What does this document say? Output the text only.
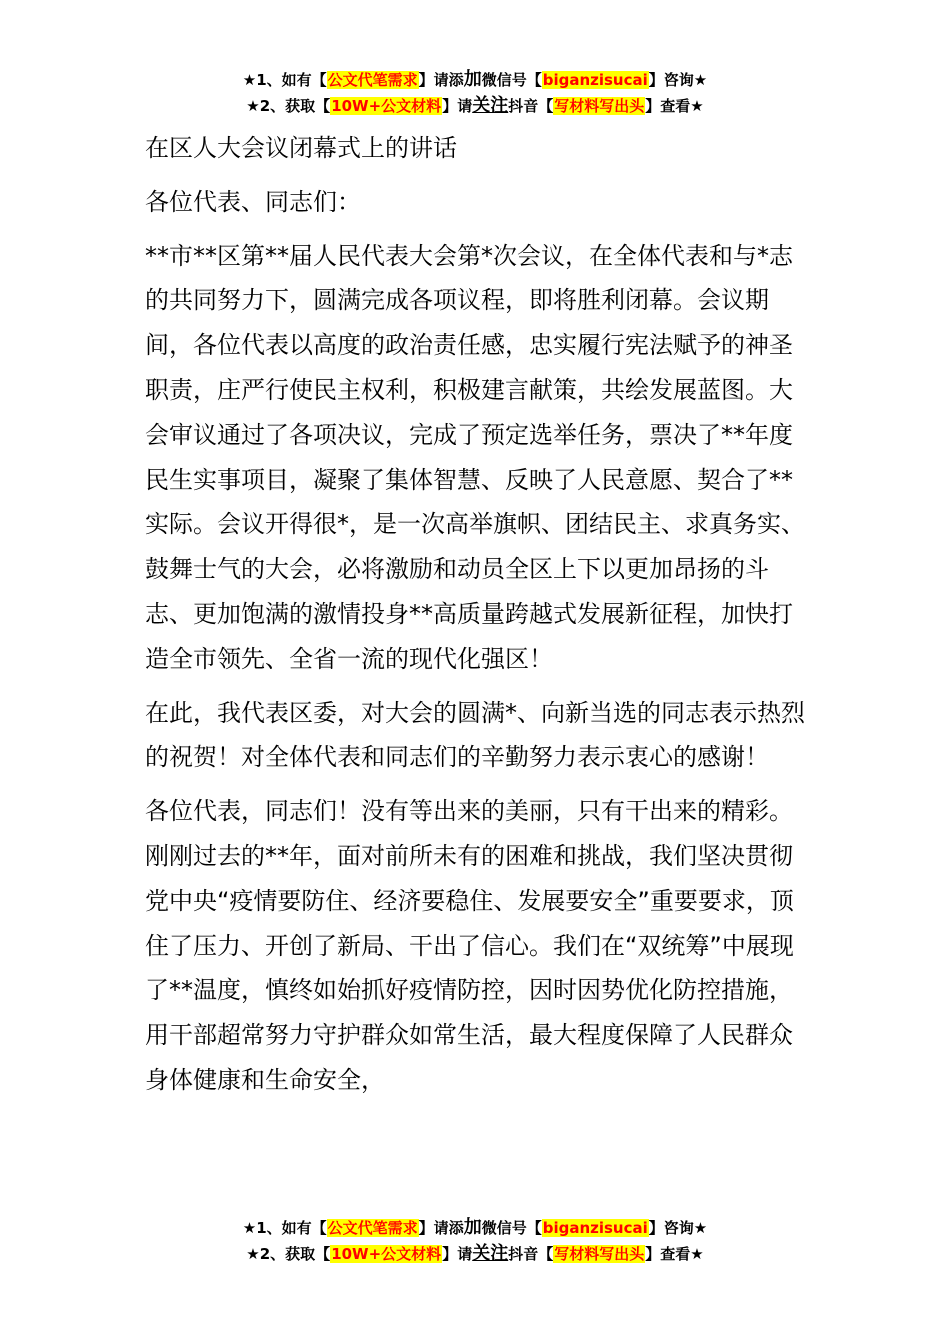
★1、如有【公文代笔需求】请添加微信号【biganzisucai】咨询★
★2、获取【10W+公文材料】请关注抖音【写材料写出头】查看★

在区人大会议闭幕式上的讲话

各位代表、同志们：

**市**区第**届人民代表大会第*次会议，在全体代表和与*志的共同努力下，圆满完成各项议程，即将胜利闭幕。会议期间，各位代表以高度的政治责任感，忠实履行宪法赋予的神圣职责，庄严行使民主权利，积极建言献策，共绘发展蓝图。大会审议通过了各项决议，完成了预定选举任务，票决了**年度民生实事项目，凝聚了集体智慧、反映了人民意愿、契合了**实际。会议开得很*，是一次高举旗帜、团结民主、求真务实、鼓舞士气的大会，必将激励和动员全区上下以更加昂扬的斗志、更加饱满的激情投身**高质量跨越式发展新征程，加快打造全市领先、全省一流的现代化强区！

在此，我代表区委，对大会的圆满*、向新当选的同志表示热烈的祝贺！对全体代表和同志们的辛勤努力表示衷心的感谢！

各位代表，同志们！没有等出来的美丽，只有干出来的精彩。刚刚过去的**年，面对前所未有的困难和挑战，我们坚决贯彻党中央“疫情要防住、经济要稳住、发展要安全”重要要求，顶住了压力、开创了新局、干出了信心。我们在“双统筹”中展现了**温度，慎终如始抓好疫情防控，因时因势优化防控措施，用干部超常努力守护群众如常生活，最大程度保障了人民群众身体健康和生命安全，

★1、如有【公文代笔需求】请添加微信号【biganzisucai】咨询★
★2、获取【10W+公文材料】请关注抖音【写材料写出头】查看★
